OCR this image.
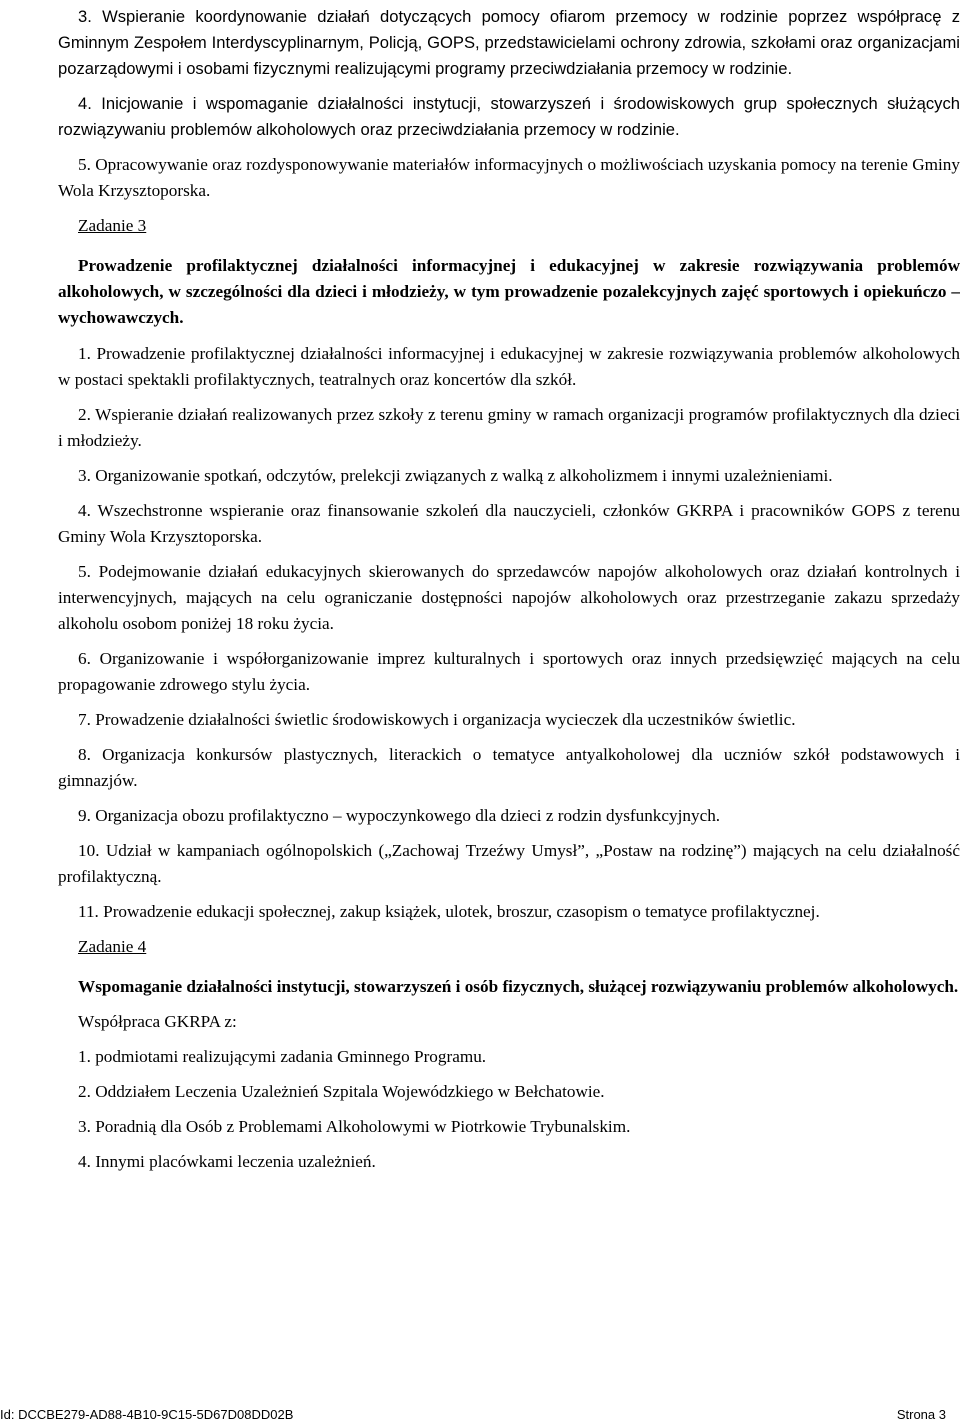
3. Wspieranie koordynowanie działań dotyczących pomocy ofiarom przemocy w rodzinie poprzez współpracę z Gminnym Zespołem Interdyscyplinarnym, Policją, GOPS, przedstawicielami ochrony zdrowia, szkołami oraz organizacjami pozarządowymi i osobami fizycznymi realizującymi programy przeciwdziałania przemocy w rodzinie.

4. Inicjowanie i wspomaganie działalności instytucji, stowarzyszeń i środowiskowych grup społecznych służących rozwiązywaniu problemów alkoholowych oraz przeciwdziałania przemocy w rodzinie.

5. Opracowywanie oraz rozdysponowywanie materiałów informacyjnych o możliwościach uzyskania pomocy na terenie Gminy Wola Krzysztoporska.

Zadanie 3

Prowadzenie profilaktycznej działalności informacyjnej i edukacyjnej w zakresie rozwiązywania problemów alkoholowych, w szczególności dla dzieci i młodzieży, w tym prowadzenie pozalekcyjnych zajęć sportowych i opiekuńczo – wychowawczych.

1. Prowadzenie profilaktycznej działalności informacyjnej i edukacyjnej w zakresie rozwiązywania problemów alkoholowych w postaci spektakli profilaktycznych, teatralnych oraz koncertów dla szkół.

2. Wspieranie działań realizowanych przez szkoły z terenu gminy w ramach organizacji programów profilaktycznych dla dzieci i młodzieży.

3. Organizowanie spotkań, odczytów, prelekcji związanych z walką z alkoholizmem i innymi uzależnieniami.

4. Wszechstronne wspieranie oraz finansowanie szkoleń dla nauczycieli, członków GKRPA i pracowników GOPS z terenu Gminy Wola Krzysztoporska.

5. Podejmowanie działań edukacyjnych skierowanych do sprzedawców napojów alkoholowych oraz działań kontrolnych i interwencyjnych, mających na celu ograniczanie dostępności napojów alkoholowych oraz przestrzeganie zakazu sprzedaży alkoholu osobom poniżej 18 roku życia.

6. Organizowanie i współorganizowanie imprez kulturalnych i sportowych oraz innych przedsięwzięć mających na celu propagowanie zdrowego stylu życia.

7. Prowadzenie działalności świetlic środowiskowych i organizacja wycieczek dla uczestników świetlic.

8. Organizacja konkursów plastycznych, literackich o tematyce antyalkoholowej dla uczniów szkół podstawowych i gimnazjów.

9. Organizacja obozu profilaktyczno – wypoczynkowego dla dzieci z rodzin dysfunkcyjnych.

10. Udział w kampaniach ogólnopolskich („Zachowaj Trzeźwy Umysł”, „Postaw na rodzinę”) mających na celu działalność profilaktyczną.

11. Prowadzenie edukacji społecznej, zakup książek, ulotek, broszur, czasopism o tematyce profilaktycznej.

Zadanie 4

Wspomaganie działalności instytucji, stowarzyszeń i osób fizycznych, służącej rozwiązywaniu problemów alkoholowych.

Współpraca GKRPA z:

1. podmiotami realizującymi zadania Gminnego Programu.

2. Oddziałem Leczenia Uzależnień Szpitala Wojewódzkiego w Bełchatowie.

3. Poradnią dla Osób z Problemami Alkoholowymi w Piotrkowie Trybunalskim.

4. Innymi placówkami leczenia uzależnień.

Id: DCCBE279-AD88-4B10-9C15-5D67D08DD02B	Strona 3
